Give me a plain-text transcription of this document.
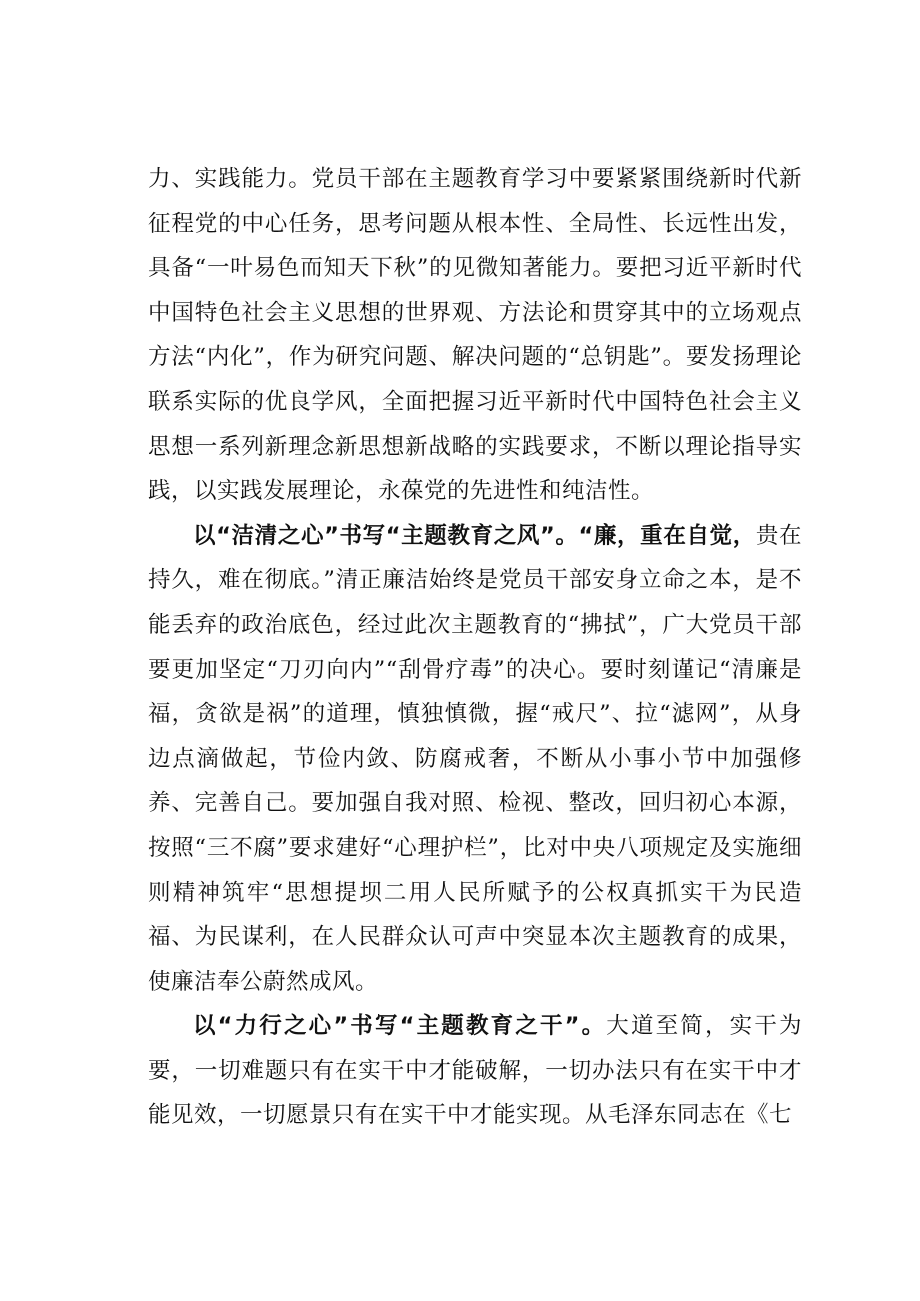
力、实践能力。党员干部在主题教育学习中要紧紧围绕新时代新征程党的中心任务，思考问题从根本性、全局性、长远性出发，具备“一叶易色而知天下秋”的见微知著能力。要把习近平新时代中国特色社会主义思想的世界观、方法论和贯穿其中的立场观点方法“内化”，作为研究问题、解决问题的“总钥匙”。要发扬理论联系实际的优良学风，全面把握习近平新时代中国特色社会主义思想一系列新理念新思想新战略的实践要求，不断以理论指导实践，以实践发展理论，永葆党的先进性和纯洁性。

以“洁清之心”书写“主题教育之风”。“廉，重在自觉，贵在持久，难在彻底。”清正廉洁始终是党员干部安身立命之本，是不能丢弃的政治底色，经过此次主题教育的“拂拭”，广大党员干部要更加坚定“刀刃向内”“刮骨疗毒”的决心。要时刻谨记“清廉是福，贪欲是祸”的道理，慎独慎微，握“戒尺”、拉“滤网”，从身边点滴做起，节俭内敛、防腐戒奢，不断从小事小节中加强修养、完善自己。要加强自我对照、检视、整改，回归初心本源，按照“三不腐”要求建好“心理护栏”，比对中央八项规定及实施细则精神筑牢“思想提坝二用人民所赋予的公权真抓实干为民造福、为民谋利，在人民群众认可声中突显本次主题教育的成果，使廉洁奉公蔚然成风。

以“力行之心”书写“主题教育之干”。大道至简，实干为要，一切难题只有在实干中才能破解，一切办法只有在实干中才能见效，一切愿景只有在实干中才能实现。从毛泽东同志在《七
